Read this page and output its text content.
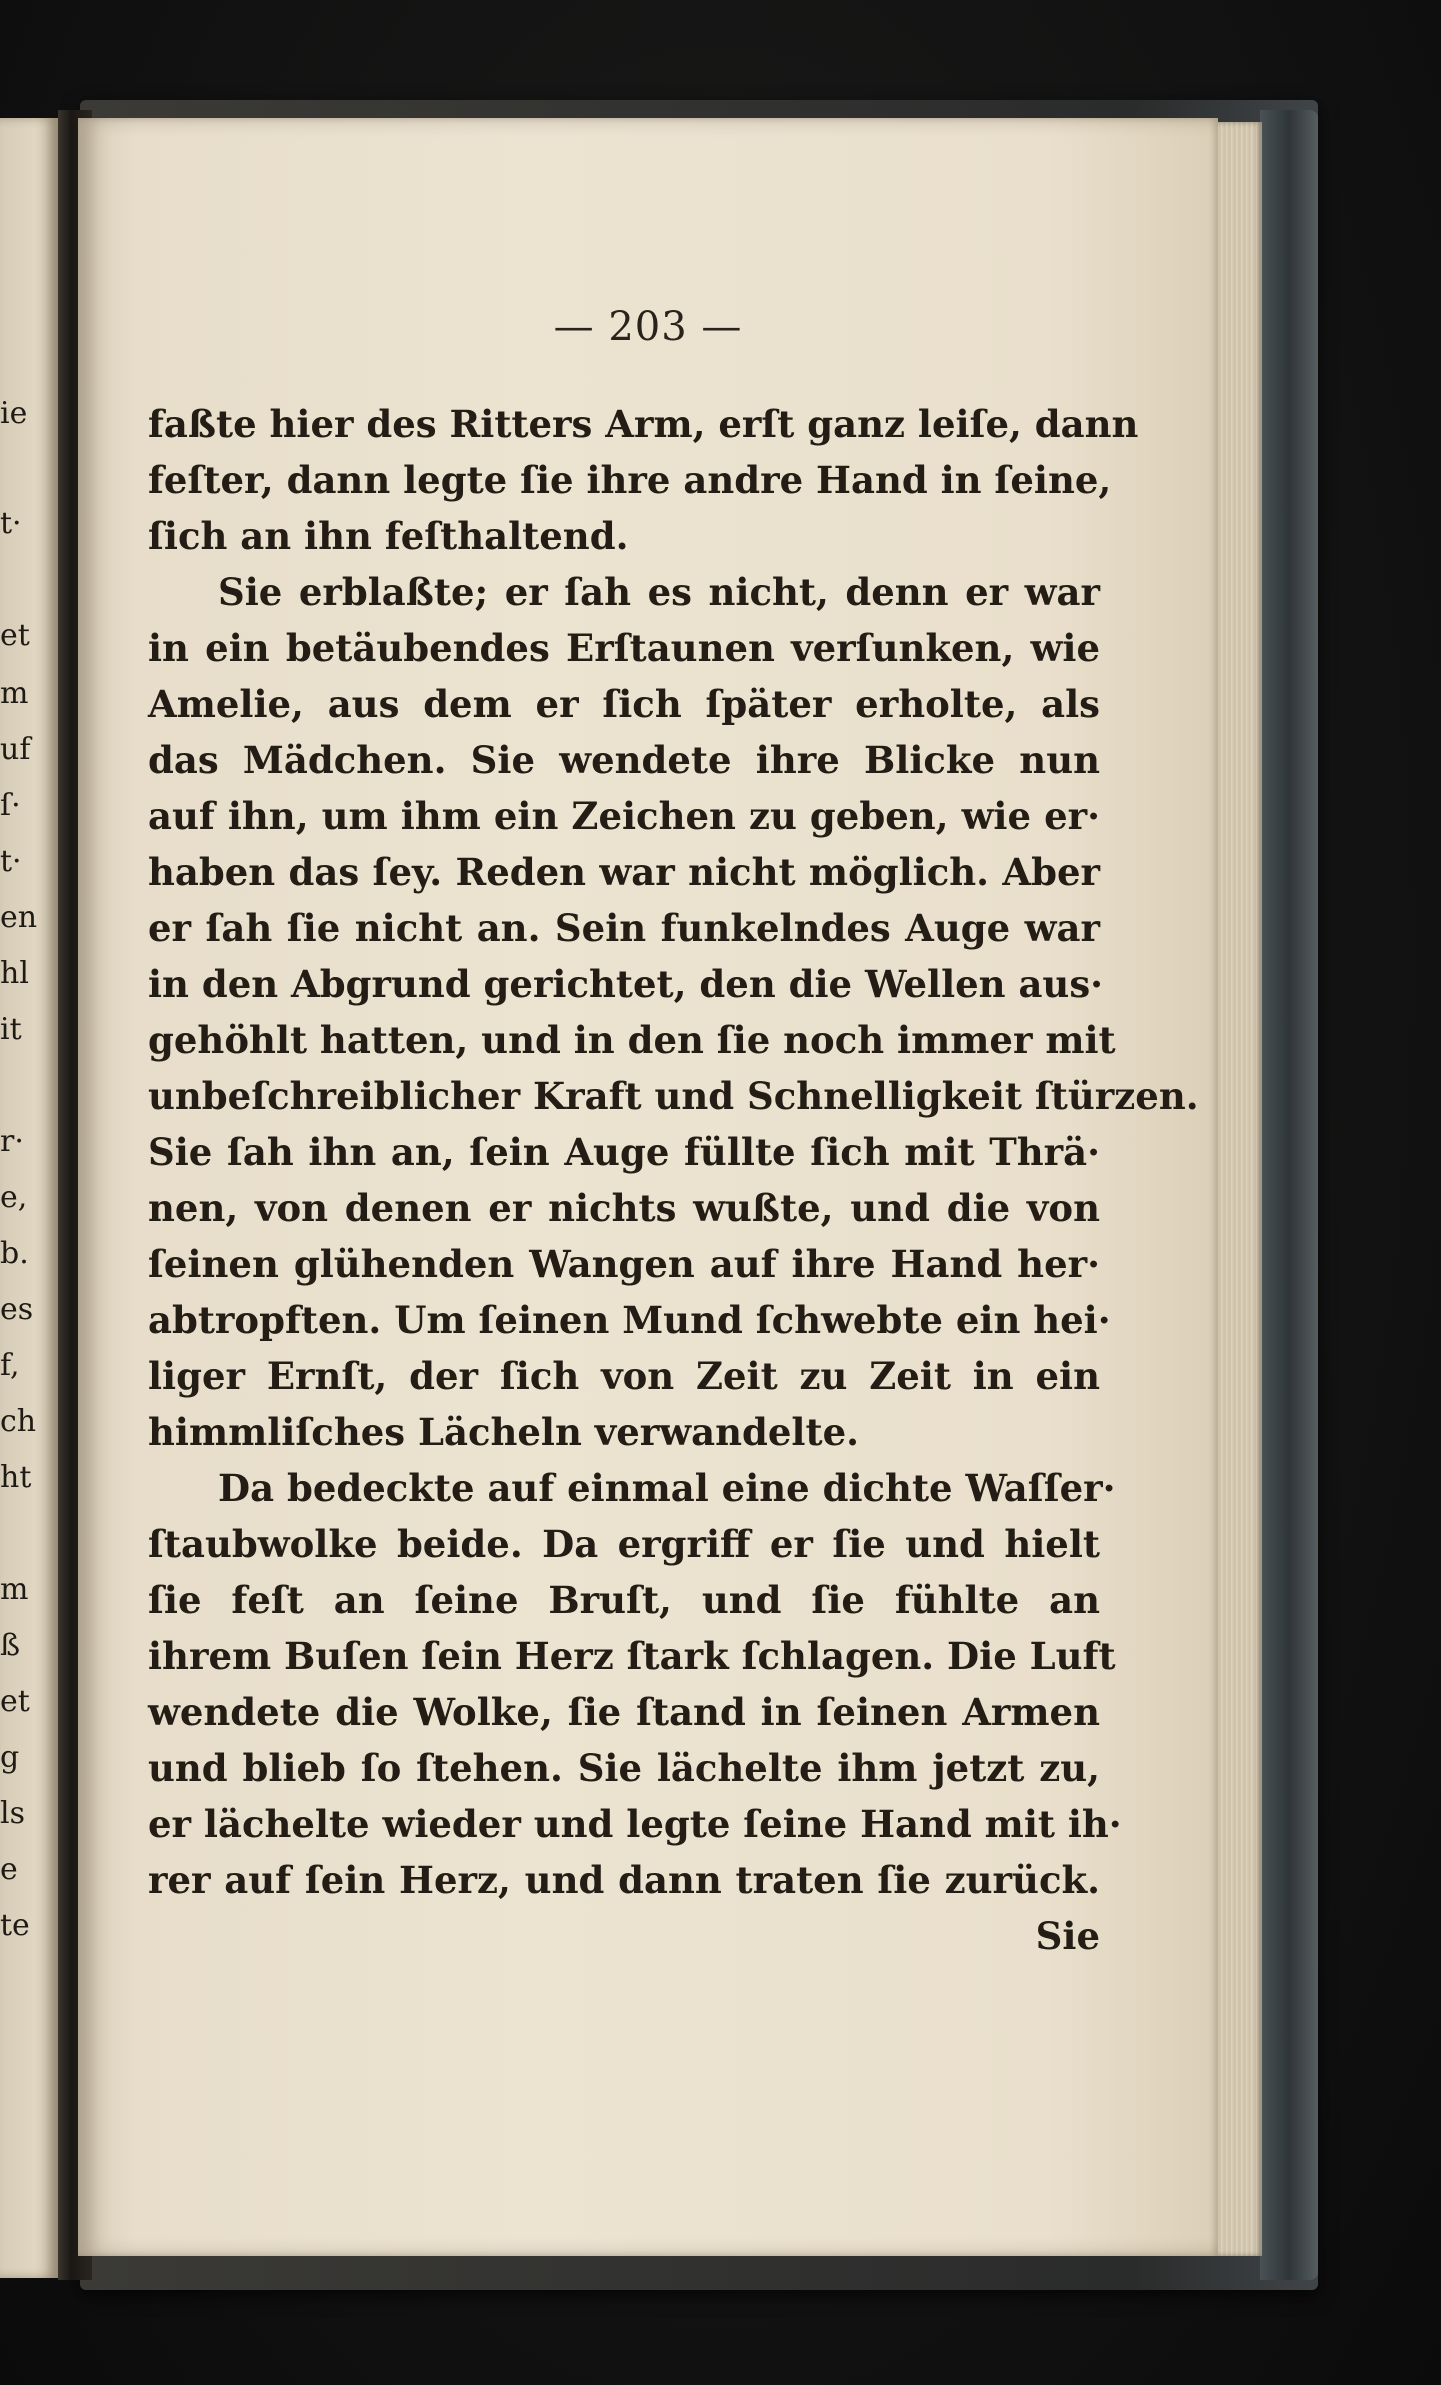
ie
t·
et
m
uf
ſ·
t·
en
hl
it
r·
e,
b.
es
f,
ch
ht
m
ß
et
g
ls
e
te
— 203 —
faßte hier des Ritters Arm, erſt ganz leiſe, dann
feſter, dann legte ſie ihre andre Hand in ſeine,
ſich an ihn feſthaltend.
Sie erblaßte; er ſah es nicht, denn er war
in ein betäubendes Erſtaunen verſunken, wie
Amelie, aus dem er ſich ſpäter erholte, als
das Mädchen. Sie wendete ihre Blicke nun
auf ihn, um ihm ein Zeichen zu geben, wie er·
haben das ſey. Reden war nicht möglich. Aber
er ſah ſie nicht an. Sein funkelndes Auge war
in den Abgrund gerichtet, den die Wellen aus·
gehöhlt hatten, und in den ſie noch immer mit
unbeſchreiblicher Kraft und Schnelligkeit ſtürzen.
Sie ſah ihn an, ſein Auge füllte ſich mit Thrä·
nen, von denen er nichts wußte, und die von
ſeinen glühenden Wangen auf ihre Hand her·
abtropften. Um ſeinen Mund ſchwebte ein hei·
liger Ernſt, der ſich von Zeit zu Zeit in ein
himmliſches Lächeln verwandelte.
Da bedeckte auf einmal eine dichte Waſſer·
ſtaubwolke beide. Da ergriff er ſie und hielt
ſie feſt an ſeine Bruſt, und ſie fühlte an
ihrem Buſen ſein Herz ſtark ſchlagen. Die Luft
wendete die Wolke, ſie ſtand in ſeinen Armen
und blieb ſo ſtehen. Sie lächelte ihm jetzt zu,
er lächelte wieder und legte ſeine Hand mit ih·
rer auf ſein Herz, und dann traten ſie zurück.
Sie
